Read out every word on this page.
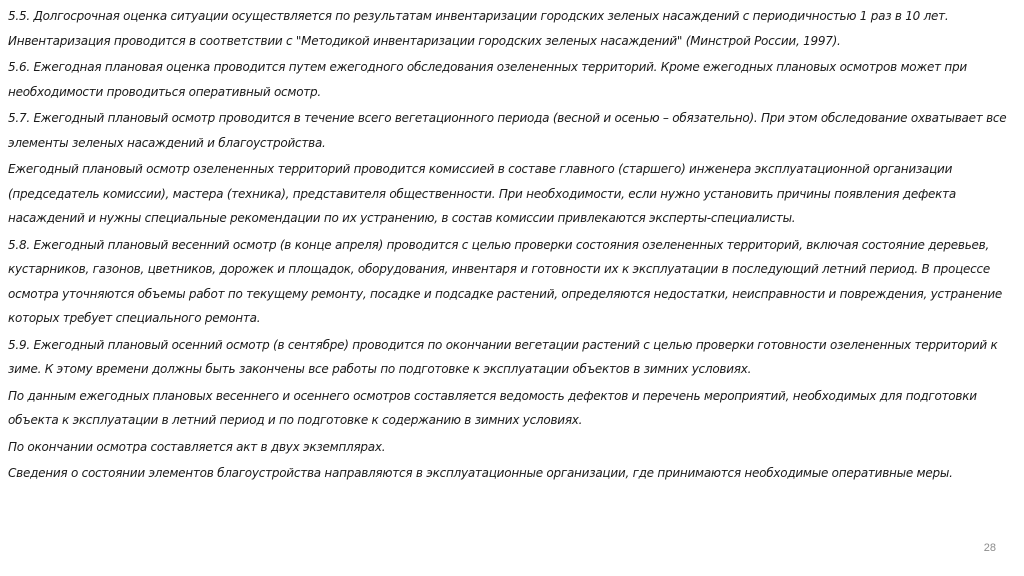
5.5. Долгосрочная оценка ситуации осуществляется по результатам инвентаризации городских зеленых насаждений с периодичностью 1 раз в 10 лет. Инвентаризация проводится в соответствии с "Методикой инвентаризации городских зеленых насаждений" (Минстрой России, 1997).

5.6. Ежегодная плановая оценка проводится путем ежегодного обследования озелененных территорий. Кроме ежегодных плановых осмотров может при необходимости проводиться оперативный осмотр.

5.7. Ежегодный плановый осмотр проводится в течение всего вегетационного периода (весной и осенью – обязательно). При этом обследование охватывает все элементы зеленых насаждений и благоустройства.

Ежегодный плановый осмотр озелененных территорий проводится комиссией в составе главного (старшего) инженера эксплуатационной организации (председатель комиссии), мастера (техника), представителя общественности. При необходимости, если нужно установить причины появления дефекта насаждений и нужны специальные рекомендации по их устранению, в состав комиссии привлекаются эксперты-специалисты.

5.8. Ежегодный плановый весенний осмотр (в конце апреля) проводится с целью проверки состояния озелененных территорий, включая состояние деревьев, кустарников, газонов, цветников, дорожек и площадок, оборудования, инвентаря и готовности их к эксплуатации в последующий летний период. В процессе осмотра уточняются объемы работ по текущему ремонту, посадке и подсадке растений, определяются недостатки, неисправности и повреждения, устранение которых требует специального ремонта.

5.9. Ежегодный плановый осенний осмотр (в сентябре) проводится по окончании вегетации растений с целью проверки готовности озелененных территорий к зиме. К этому времени должны быть закончены все работы по подготовке к эксплуатации объектов в зимних условиях.

По данным ежегодных плановых весеннего и осеннего осмотров составляется ведомость дефектов и перечень мероприятий, необходимых для подготовки объекта к эксплуатации в летний период и по подготовке к содержанию в зимних условиях.

По окончании осмотра составляется акт в двух экземплярах.

Сведения о состоянии элементов благоустройства направляются в эксплуатационные организации, где принимаются необходимые оперативные меры.

28
